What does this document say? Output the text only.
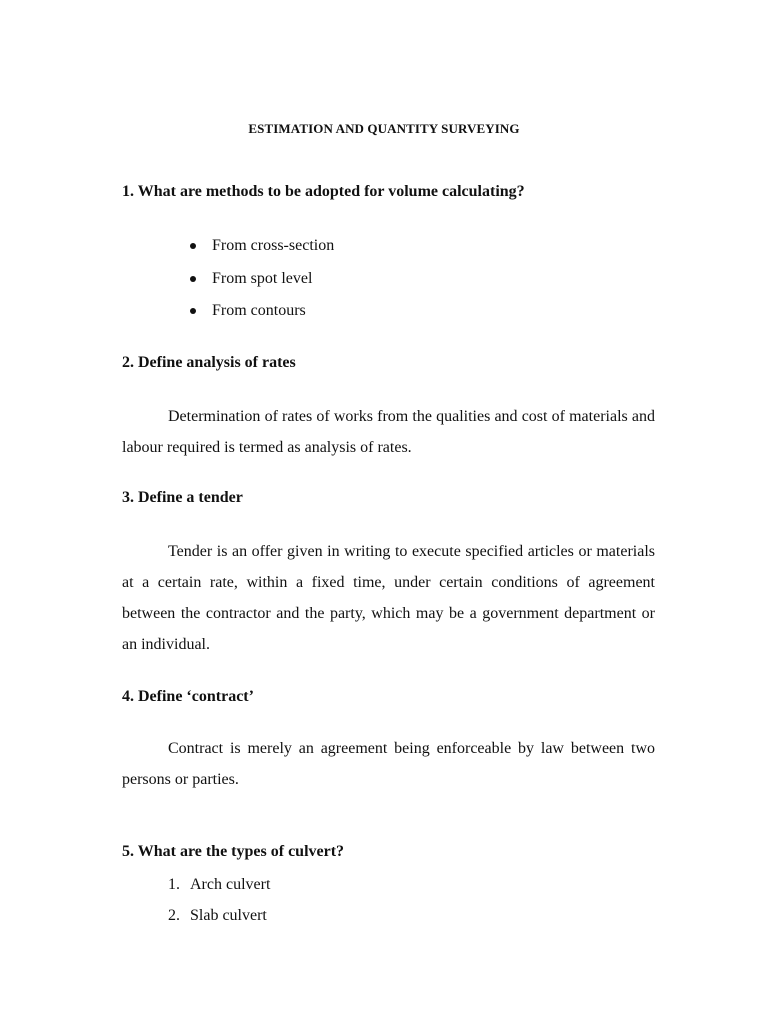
ESTIMATION AND QUANTITY SURVEYING
1. What are methods to be adopted for volume calculating?
From cross-section
From spot level
From contours
2. Define analysis of rates

Determination of rates of works from the qualities and cost of materials and labour required is termed as analysis of rates.

3. Define a tender

Tender is an offer given in writing to execute specified articles or materials at a certain rate, within a fixed time, under certain conditions of agreement between the contractor and the party, which may be a government department or an individual.

4. Define ‘contract’

Contract is merely an agreement being enforceable by law between two persons or parties.

5. What are the types of culvert?
1. Arch culvert
2. Slab culvert
